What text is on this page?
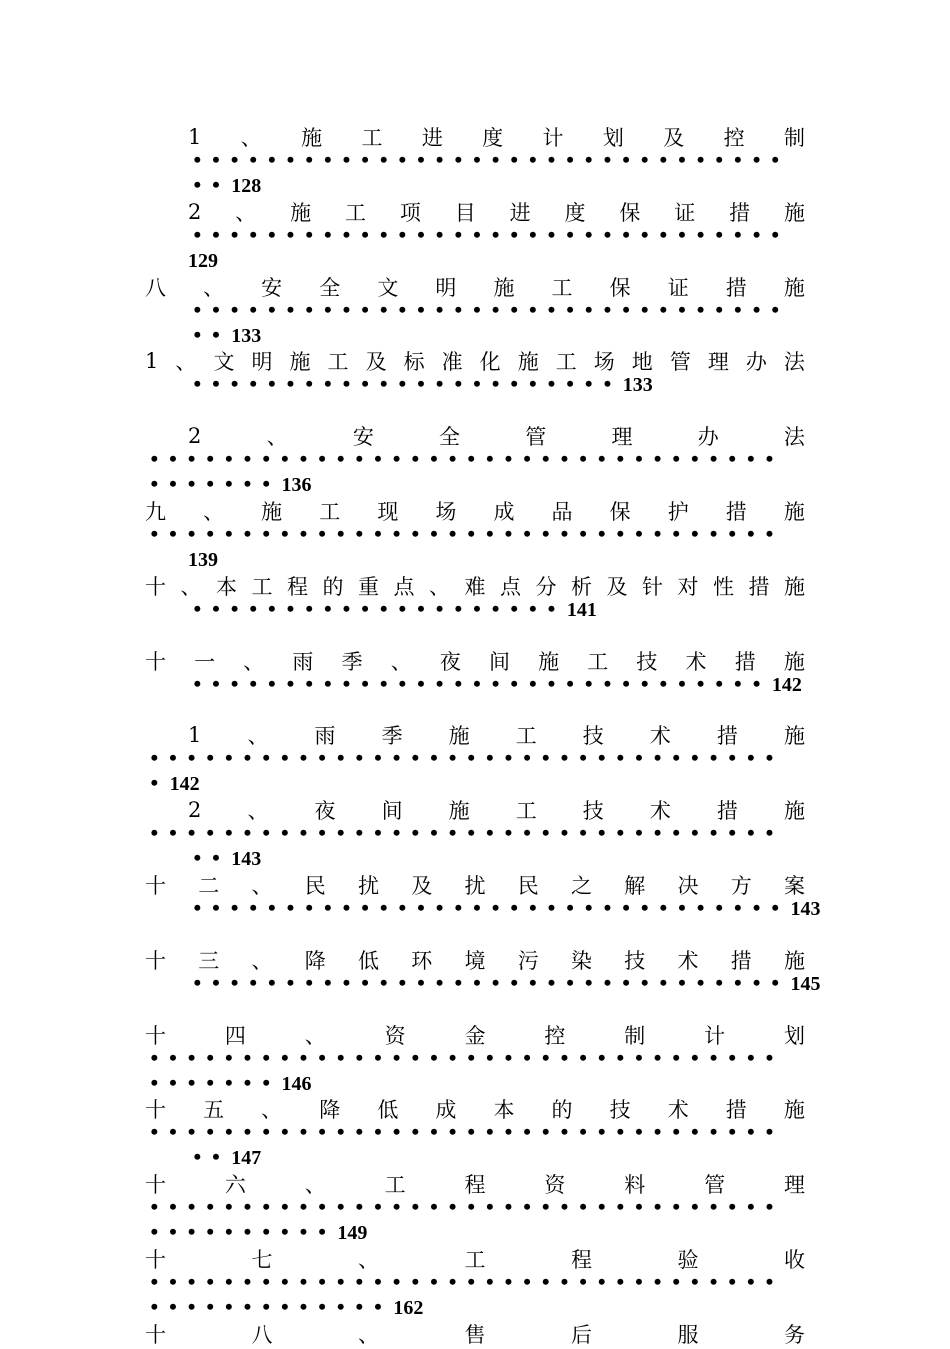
1 、 施 工 进 度 计 划 及 控 制
• • • • • • • • • • • • • • • • • • • • • • • • • • • • • • • •
• • 128
2 、 施 工 项 目 进 度 保 证 措 施
• • • • • • • • • • • • • • • • • • • • • • • • • • • • • • • •
129
八 、 安 全 文 明 施 工 保 证 措 施
• • • • • • • • • • • • • • • • • • • • • • • • • • • • • • • •
• • 133
1 、 文 明 施 工 及 标 准 化 施 工 场 地 管 理 办 法
• • • • • • • • • • • • • • • • • • • • • • • 133
2	、	安	全	管	理	办	法
• • • • • • • • • • • • • • • • • • • • • • • • • • • • • • • • • •
• • • • • • • 136
九 、 施 工 现 场 成 品 保 护 措 施
• • • • • • • • • • • • • • • • • • • • • • • • • • • • • • • • • •
139
十 、 本 工 程 的 重 点 、 难 点 分 析 及 针 对 性 措 施
• • • • • • • • • • • • • • • • • • • • 141
十 一 、 雨 季 、 夜 间 施 工 技 术 措 施
• • • • • • • • • • • • • • • • • • • • • • • • • • • • • • • 142
1 、 雨 季 施 工 技 术 措 施
• • • • • • • • • • • • • • • • • • • • • • • • • • • • • • • • • •
• 142
2 、 夜 间 施 工 技 术 措 施
• • • • • • • • • • • • • • • • • • • • • • • • • • • • • • • • • •
• • 143
十 二 、 民 扰 及 扰 民 之 解 决 方 案
• • • • • • • • • • • • • • • • • • • • • • • • • • • • • • • • 143
十 三 、 降 低 环 境 污 染 技 术 措 施
• • • • • • • • • • • • • • • • • • • • • • • • • • • • • • • • 145
十	四	、	资	金	控	制	计	划
• • • • • • • • • • • • • • • • • • • • • • • • • • • • • • • • • •
• • • • • • • 146
十 五 、 降 低 成 本 的 技 术 措 施
• • • • • • • • • • • • • • • • • • • • • • • • • • • • • • • • • •
• • 147
十	六	、	工	程	资	料	管	理
• • • • • • • • • • • • • • • • • • • • • • • • • • • • • • • • • •
• • • • • • • • • • 149
十	七	、	工	程	验	收
• • • • • • • • • • • • • • • • • • • • • • • • • • • • • • • • • •
• • • • • • • • • • • • • 162
十	八	、	售	后	服	务
